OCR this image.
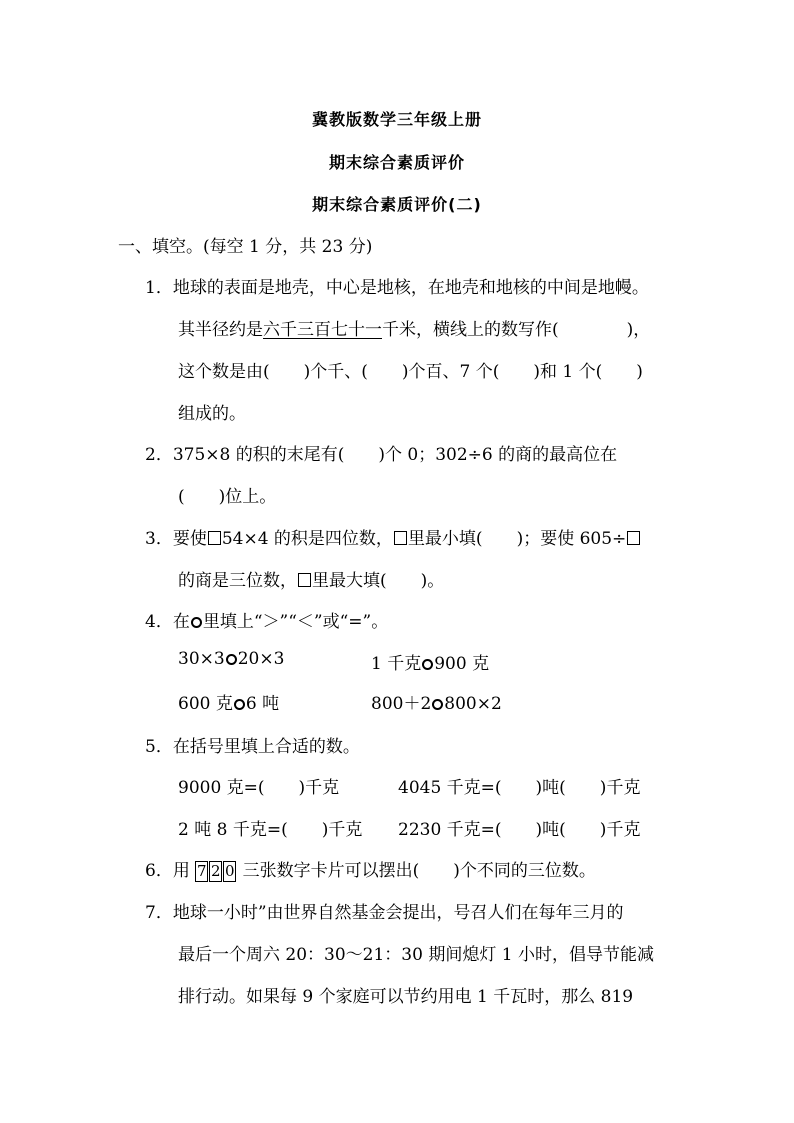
冀教版数学三年级上册
期末综合素质评价
期末综合素质评价(二)
一、填空。(每空 1 分，共 23 分)
1．地球的表面是地壳，中心是地核，在地壳和地核的中间是地幔。
其半径约是六千三百七十一千米，横线上的数写作(　　　　)，
这个数是由(　　)个千、(　　)个百、7 个(　　)和 1 个(　　)
组成的。
2．375×8 的积的末尾有(　　)个 0；302÷6 的商的最高位在
(　　)位上。
3．要使 54×4 的积是四位数， 里最小填(　　)；要使 605÷
的商是三位数， 里最大填(　　)。
4．在 里填上“＞”“＜”或“=”。
30×3 20×3	1 千克 900 克
600 克 6 吨	800＋2 800×2
5．在括号里填上合适的数。
9000 克=(　　)千克	4045 千克=(　　)吨(　　)千克
2 吨 8 千克=(　　)千克 2230 千克=(　　)吨(　　)千克
6．用 7 2 0 三张数字卡片可以摆出(　　)个不同的三位数。
7．地球一小时”由世界自然基金会提出，号召人们在每年三月的
最后一个周六 20：30～21：30 期间熄灯 1 小时，倡导节能减
排行动。如果每 9 个家庭可以节约用电 1 千瓦时，那么 819
